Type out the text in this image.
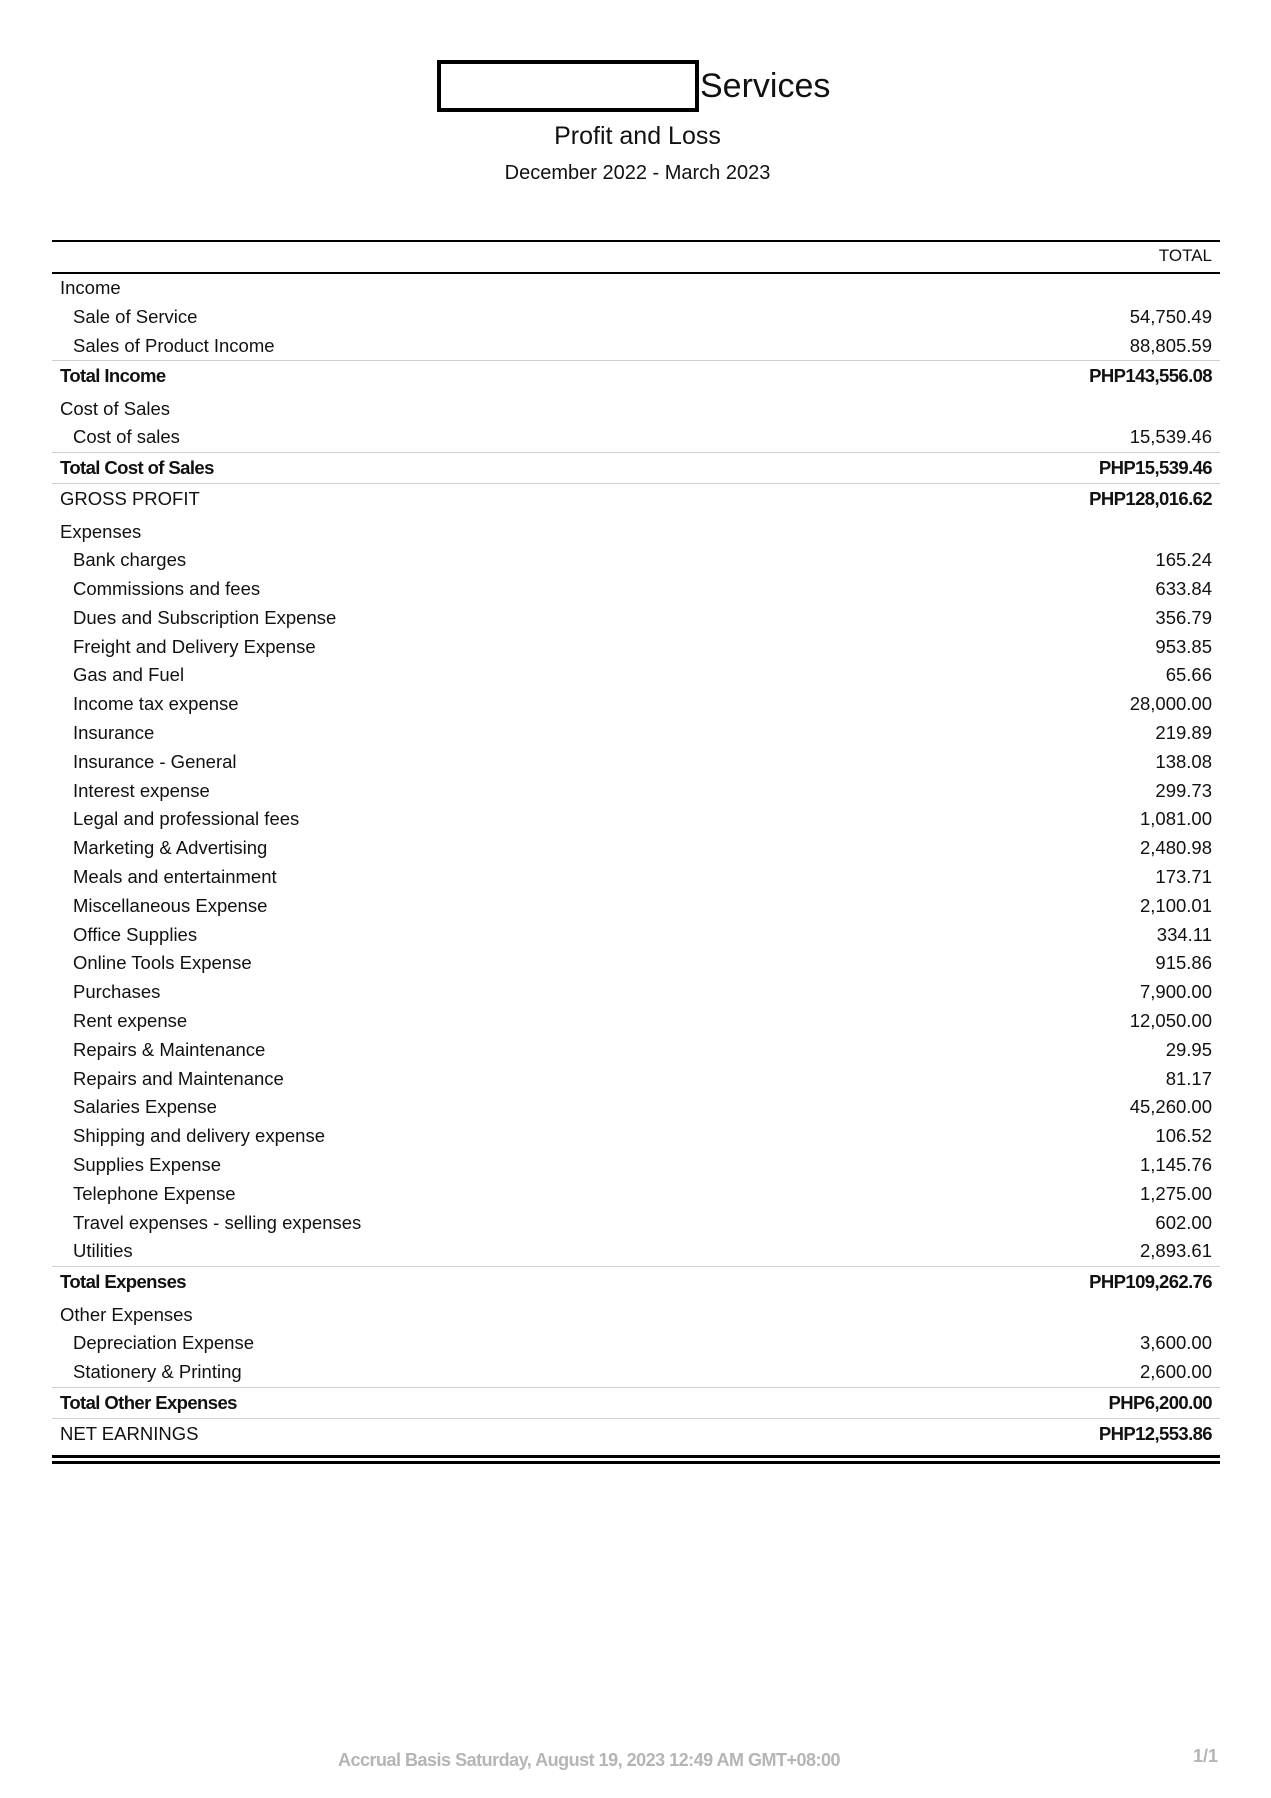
Services
Profit and Loss
December 2022 - March 2023
TOTAL
Income
Sale of Service	54,750.49
Sales of Product Income	88,805.59
Total Income	PHP143,556.08
Cost of Sales
Cost of sales	15,539.46
Total Cost of Sales	PHP15,539.46
GROSS PROFIT	PHP128,016.62
Expenses
Bank charges	165.24
Commissions and fees	633.84
Dues and Subscription Expense	356.79
Freight and Delivery Expense	953.85
Gas and Fuel	65.66
Income tax expense	28,000.00
Insurance	219.89
Insurance - General	138.08
Interest expense	299.73
Legal and professional fees	1,081.00
Marketing & Advertising	2,480.98
Meals and entertainment	173.71
Miscellaneous Expense	2,100.01
Office Supplies	334.11
Online Tools Expense	915.86
Purchases	7,900.00
Rent expense	12,050.00
Repairs & Maintenance	29.95
Repairs and Maintenance	81.17
Salaries Expense	45,260.00
Shipping and delivery expense	106.52
Supplies Expense	1,145.76
Telephone Expense	1,275.00
Travel expenses - selling expenses	602.00
Utilities	2,893.61
Total Expenses	PHP109,262.76
Other Expenses
Depreciation Expense	3,600.00
Stationery & Printing	2,600.00
Total Other Expenses	PHP6,200.00
NET EARNINGS	PHP12,553.86
Accrual Basis Saturday, August 19, 2023 12:49 AM GMT+08:00	1/1
